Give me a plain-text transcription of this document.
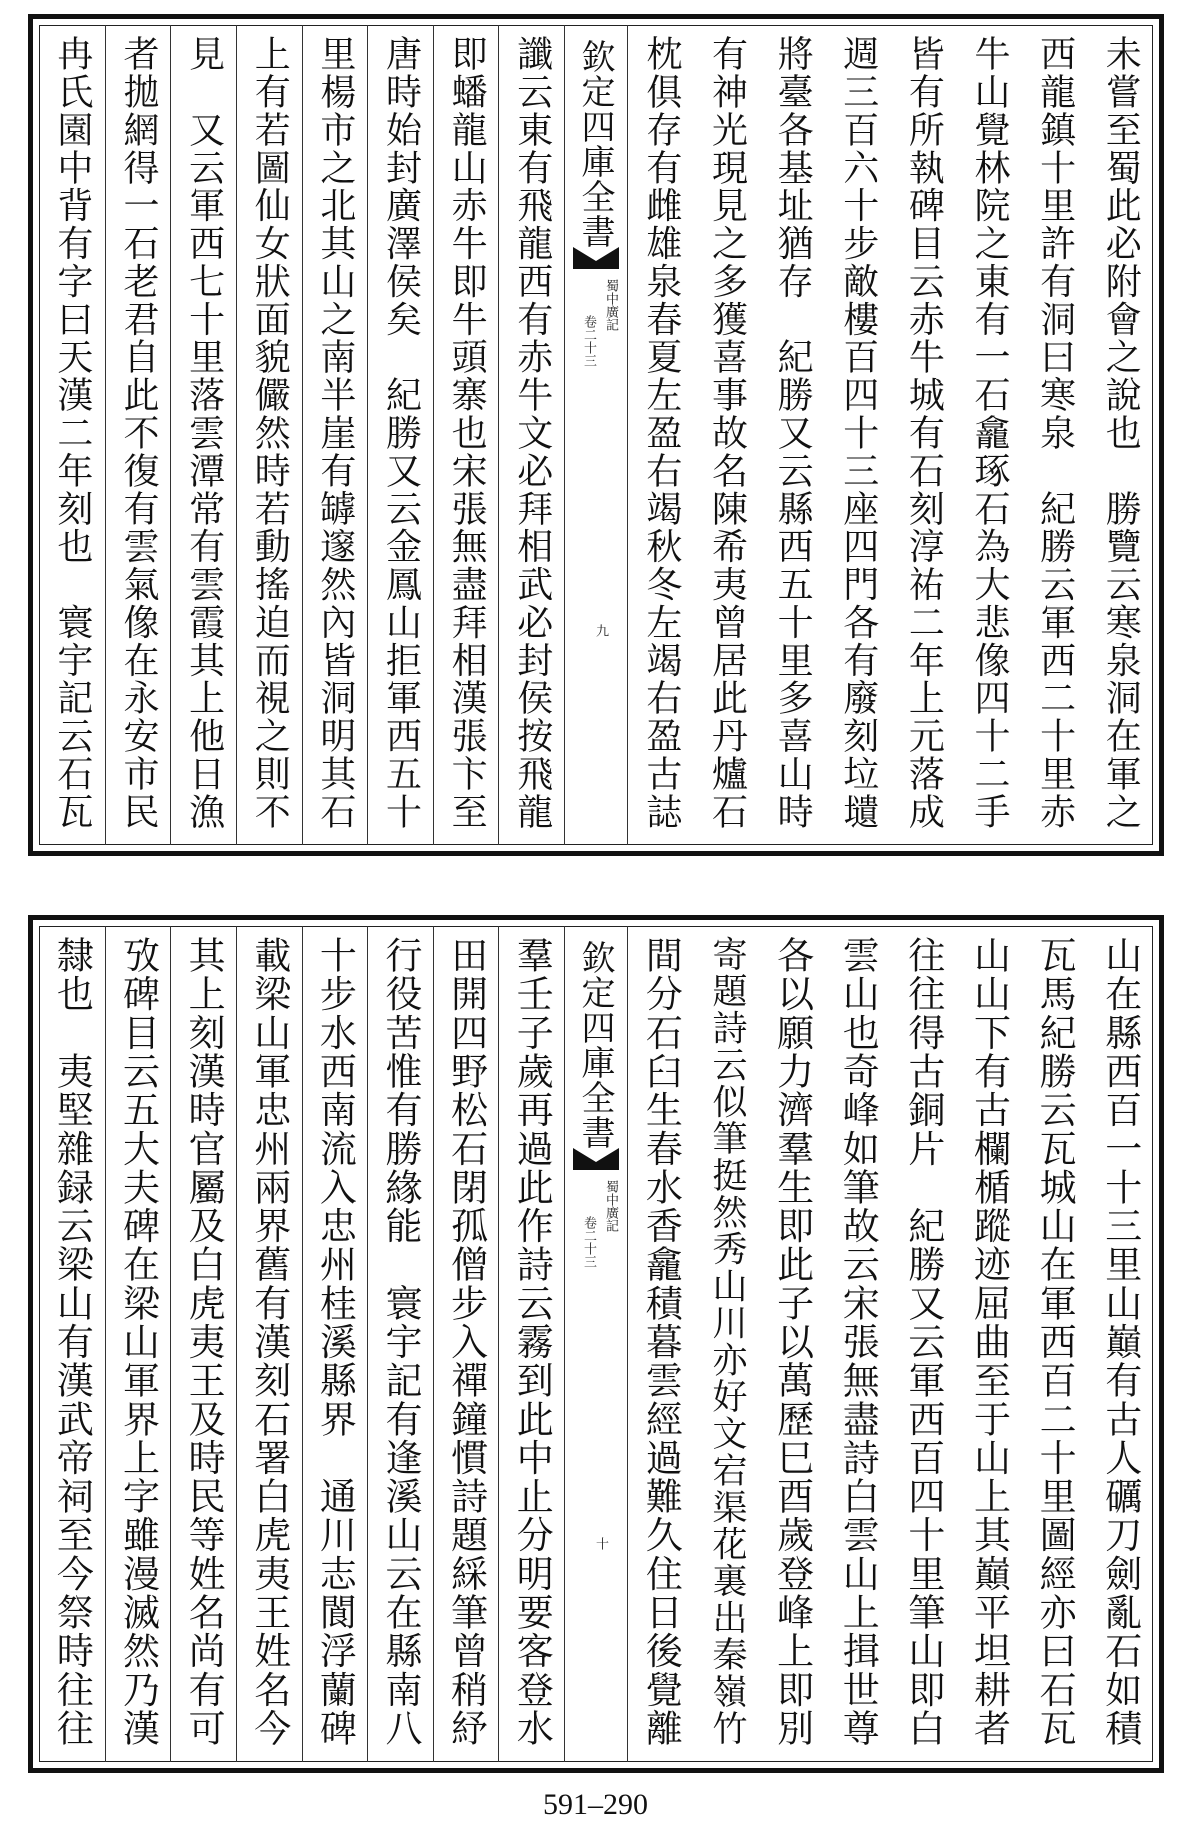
冉氏園中背有字曰天漢二年刻也　寰宇記云石瓦 者拋網得一石老君自此不復有雲氣像在永安市民 見　又云軍西七十里落雲潭常有雲霞其上他日漁 上有若圖仙女狀面貌儼然時若動搖迫而視之則不 里楊市之北其山之南半崖有罅邃然內皆洞明其石 唐時始封廣澤侯矣　紀勝又云金鳳山拒軍西五十 即蟠龍山赤牛即牛頭寨也宋張無盡拜相漢張卞至 讖云東有飛龍西有赤牛文必拜相武必封侯按飛龍 欽定四庫全書
蜀中廣記
卷二十三
九 枕俱存有雌雄泉春夏左盈右竭秋冬左竭右盈古誌 有神光現見之多獲喜事故名陳希夷曾居此丹爐石 將臺各基址猶存　紀勝又云縣西五十里多喜山時 週三百六十步敵樓百四十三座四門各有廢刻垃壝 皆有所執碑目云赤牛城有石刻淳祐二年上元落成 牛山覺林院之東有一石龕琢石為大悲像四十二手 西龍鎮十里許有洞曰寒泉　紀勝云軍西二十里赤 未嘗至蜀此必附會之說也　勝覽云寒泉洞在軍之
隸也　夷堅雜録云梁山有漢武帝祠至今祭時往往 攷碑目云五大夫碑在梁山軍界上字雖漫滅然乃漢 其上刻漢時官屬及白虎夷王及時民等姓名尚有可 載梁山軍忠州兩界舊有漢刻石署白虎夷王姓名今 十步水西南流入忠州桂溪縣界　通川志閬浮蘭碑 行役苦惟有勝緣能　寰宇記有逢溪山云在縣南八 田開四野松石閉孤僧步入禪鐘慣詩題綵筆曾稍紓 羣壬子歲再過此作詩云霧到此中止分明要客登水 欽定四庫全書
蜀中廣記
卷二十三
十 間分石臼生春水香龕積暮雲經過難久住日後覺離 寄題詩云似筆挺然秀山川亦好文宕渠花裏出秦嶺竹 各以願力濟羣生即此子以萬歷巳酉歲登峰上即別 雲山也奇峰如筆故云宋張無盡詩白雲山上揖世尊 往往得古銅片　紀勝又云軍西百四十里筆山即白 山山下有古欄楯蹤迹屈曲至于山上其巔平坦耕者 瓦馬紀勝云瓦城山在軍西百二十里圖經亦曰石瓦 山在縣西百一十三里山巔有古人礪刀劍亂石如積
591–290
